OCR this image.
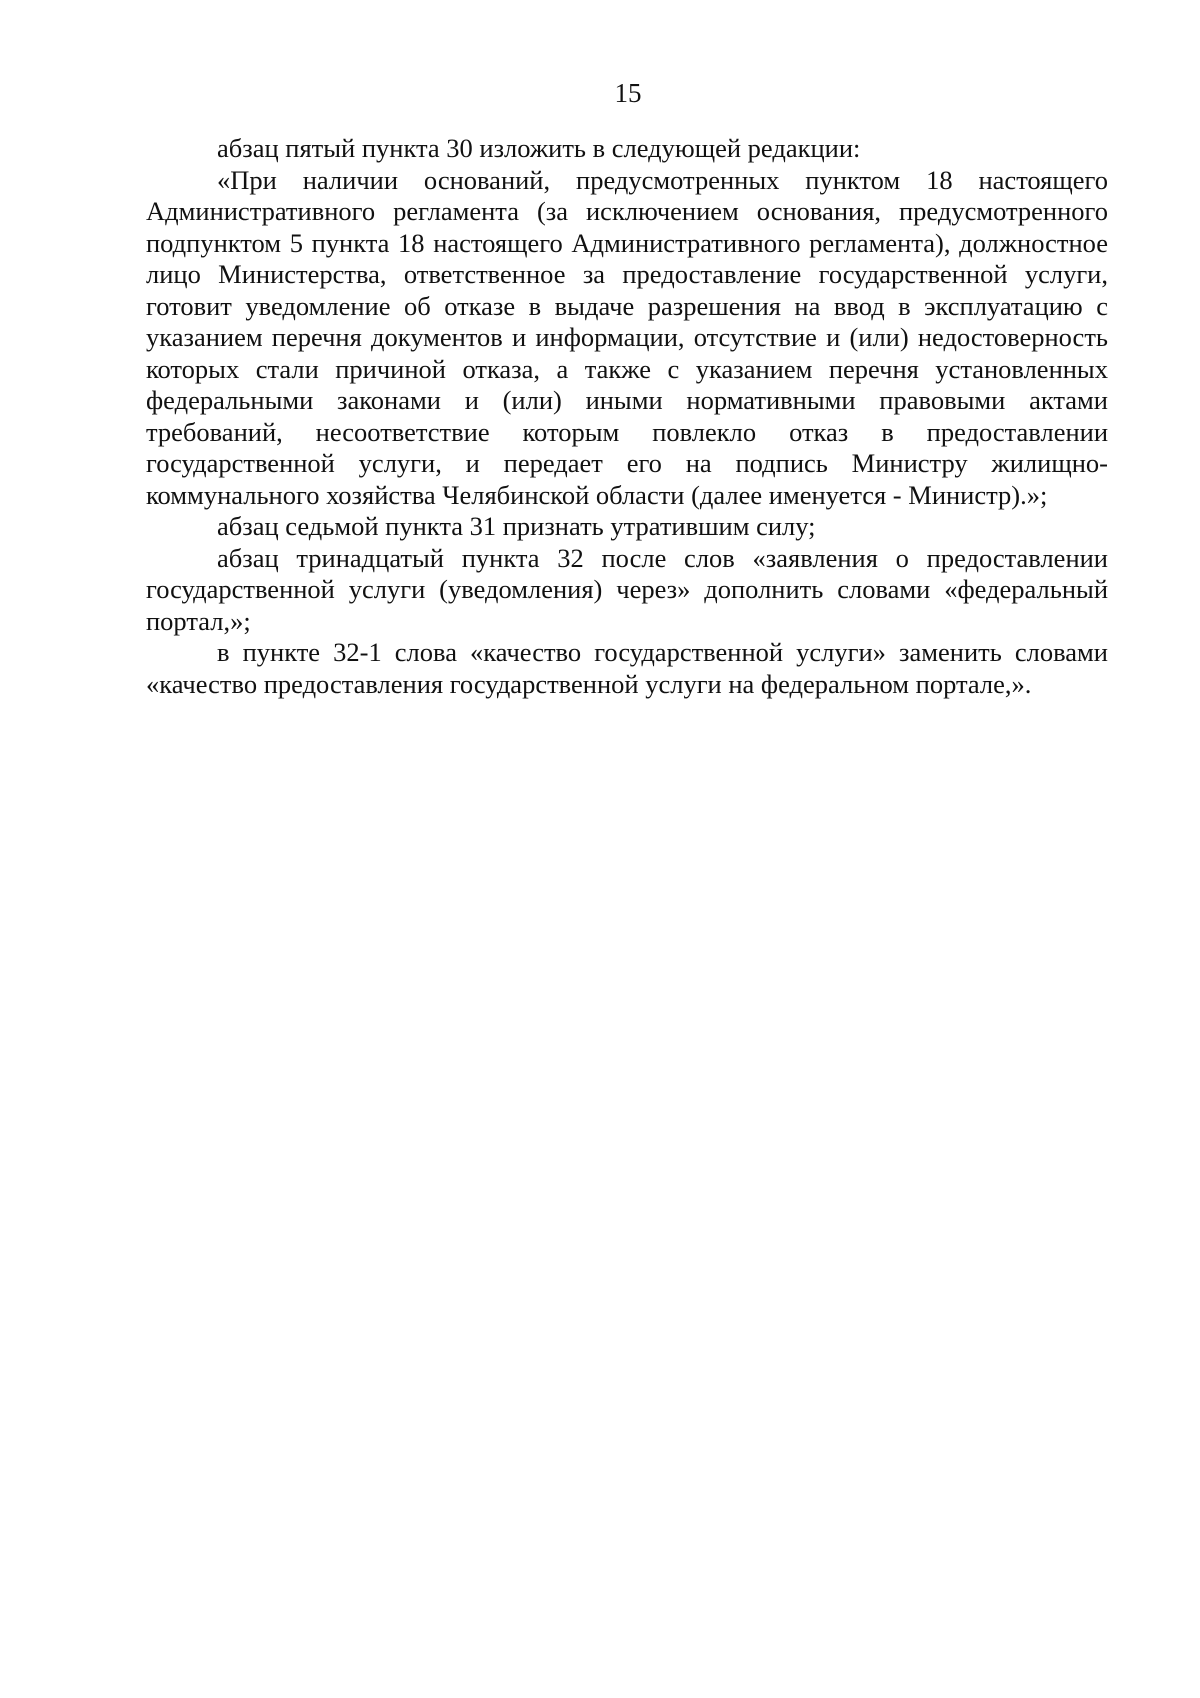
15

абзац пятый пункта 30 изложить в следующей редакции:

«При наличии оснований, предусмотренных пунктом 18 настоящего Административного регламента (за исключением основания, предусмотренного подпунктом 5 пункта 18 настоящего Административного регламента), должностное лицо Министерства, ответственное за предоставление государственной услуги, готовит уведомление об отказе в выдаче разрешения на ввод в эксплуатацию с указанием перечня документов и информации, отсутствие и (или) недостоверность которых стали причиной отказа, а также с указанием перечня установленных федеральными законами и (или) иными нормативными правовыми актами требований, несоответствие которым повлекло отказ в предоставлении государственной услуги, и передает его на подпись Министру жилищно-коммунального хозяйства Челябинской области (далее именуется - Министр).»;

абзац седьмой пункта 31 признать утратившим силу;

абзац тринадцатый пункта 32 после слов «заявления о предоставлении государственной услуги (уведомления) через» дополнить словами «федеральный портал,»;

в пункте 32-1 слова «качество государственной услуги» заменить словами «качество предоставления государственной услуги на федеральном портале,».
